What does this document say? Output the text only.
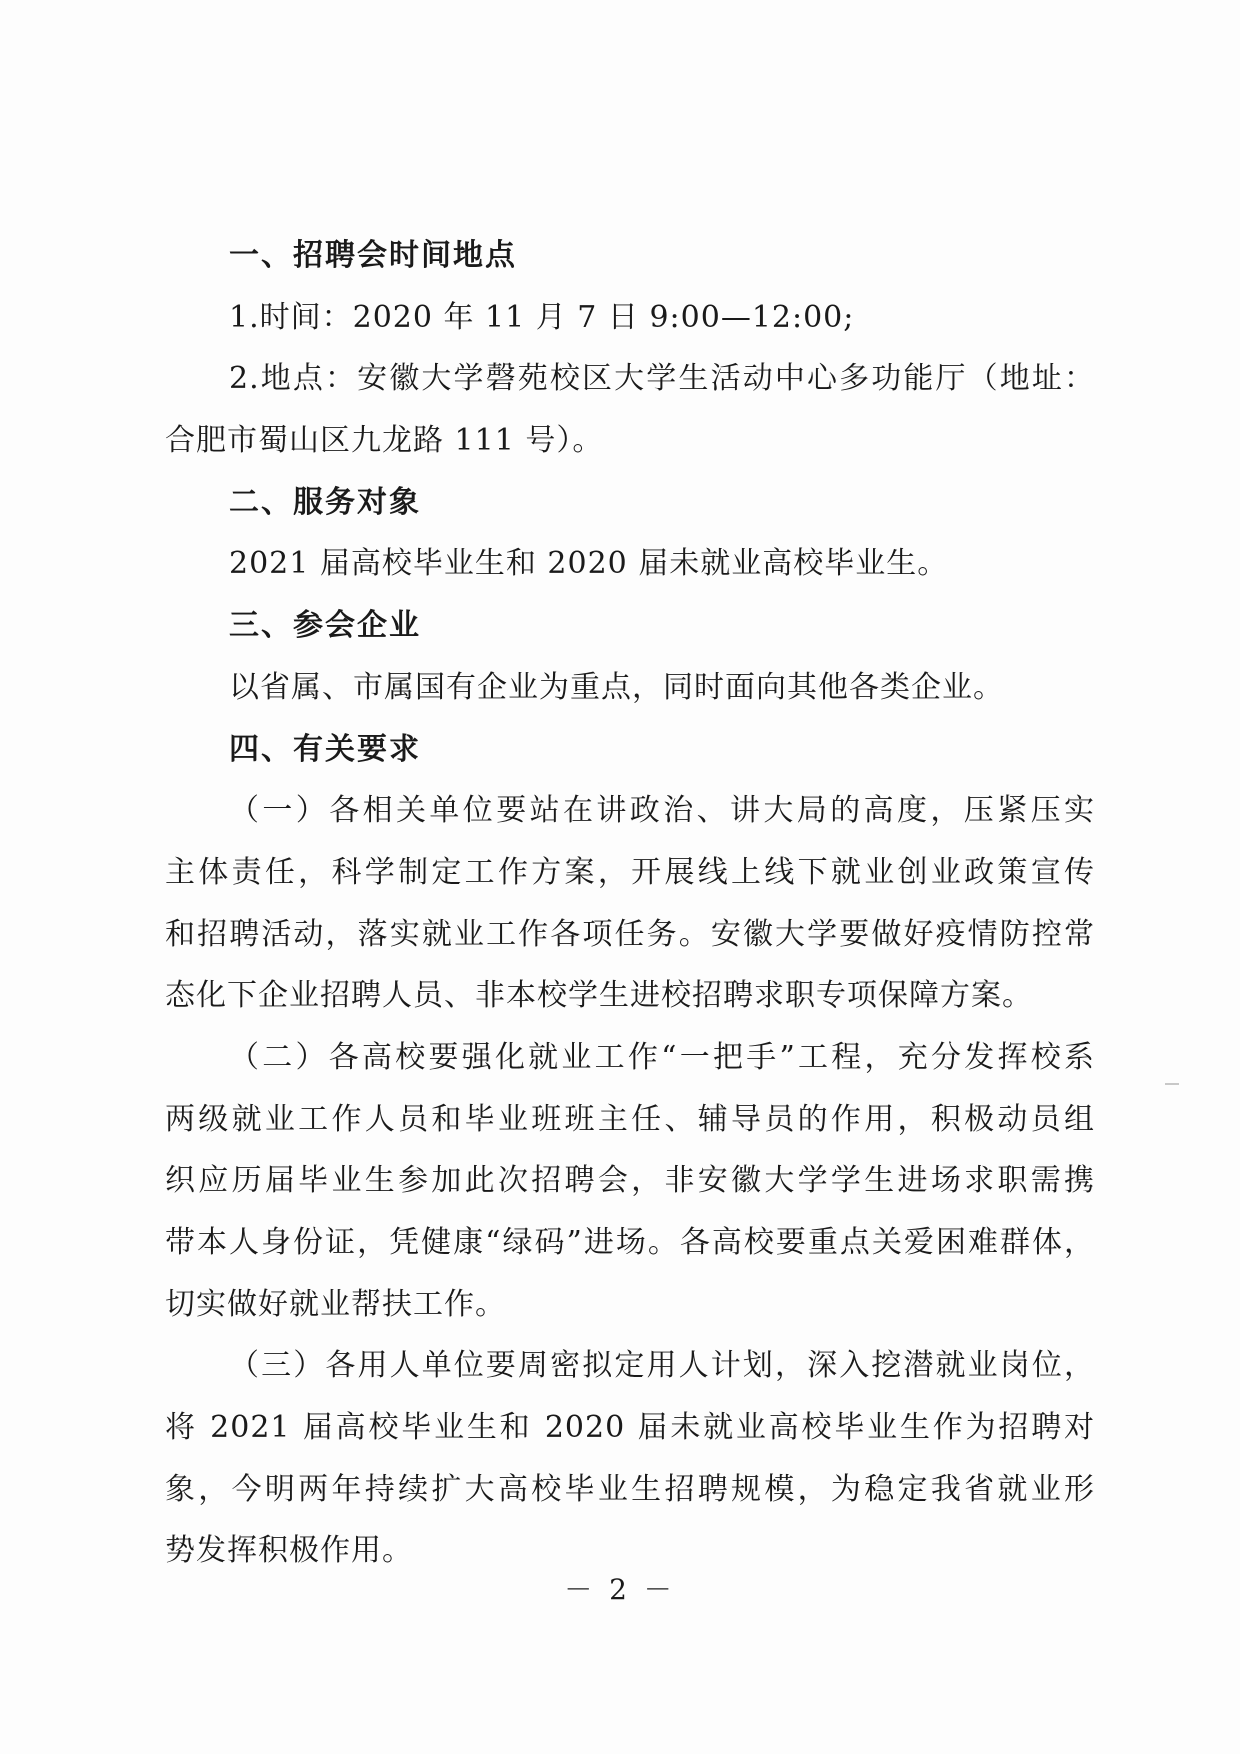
一、招聘会时间地点
1.时间：2020 年 11 月 7 日 9:00—12:00;
2.地点：安徽大学磬苑校区大学生活动中心多功能厅（地址：
合肥市蜀山区九龙路 111 号）。
二、服务对象
2021 届高校毕业生和 2020 届未就业高校毕业生。
三、参会企业
以省属、市属国有企业为重点，同时面向其他各类企业。
四、有关要求
（一）各相关单位要站在讲政治、讲大局的高度，压紧压实
主体责任，科学制定工作方案，开展线上线下就业创业政策宣传
和招聘活动，落实就业工作各项任务。安徽大学要做好疫情防控常
态化下企业招聘人员、非本校学生进校招聘求职专项保障方案。
（二）各高校要强化就业工作“一把手”工程，充分发挥校系
两级就业工作人员和毕业班班主任、辅导员的作用，积极动员组
织应历届毕业生参加此次招聘会，非安徽大学学生进场求职需携
带本人身份证，凭健康“绿码”进场。各高校要重点关爱困难群体，
切实做好就业帮扶工作。
（三）各用人单位要周密拟定用人计划，深入挖潜就业岗位，
将 2021 届高校毕业生和 2020 届未就业高校毕业生作为招聘对
象，今明两年持续扩大高校毕业生招聘规模，为稳定我省就业形
势发挥积极作用。
－ 2 －
